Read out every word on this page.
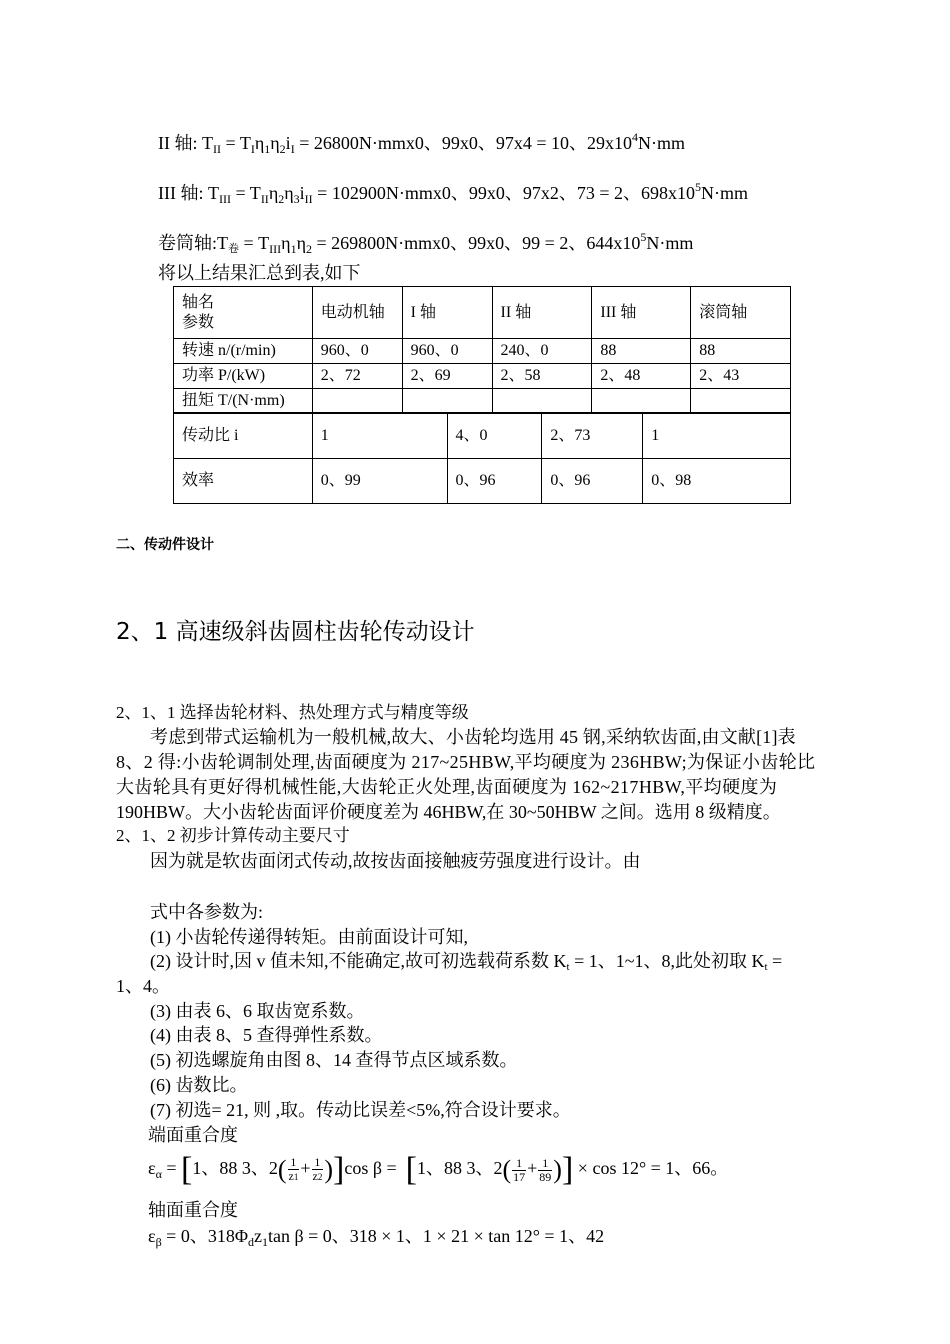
II 轴: $T_{II} = T_I\eta_1\eta_2i_I = 26800N\cdot mmx0$、99x0、97x4 = 10、$29x10^4N\cdot mm$
III 轴: $T_{III} = T_{II}\eta_2\eta_3i_{II} = 102900N\cdot mmx0$、99x0、97x2、73 = 2、$698x10^5N\cdot mm$
卷筒轴:T卷 = $T_{III}\eta_1\eta_2 = 269800N\cdot mmx0$、99x0、99 = 2、$644x10^5N\cdot mm$
将以上结果汇总到表,如下
轴名
参数	电动机轴	I 轴	II 轴	III 轴	滚筒轴
转速 n/(r/min)	960、0	960、0	240、0	88	88
功率 P/(kW)	2、72	2、69	2、58	2、48	2、43
扭矩 T/(N·mm)					
传动比 i	1	4、0	2、73	1
效率	0、99	0、96	0、96	0、98
二、传动件设计
2、1 高速级斜齿圆柱齿轮传动设计
2、1、1 选择齿轮材料、热处理方式与精度等级
考虑到带式运输机为一般机械,故大、小齿轮均选用 45 钢,采纳软齿面,由文献[1]表
8、2 得:小齿轮调制处理,齿面硬度为 217~25HBW,平均硬度为 236HBW;为保证小齿轮比
大齿轮具有更好得机械性能,大齿轮正火处理,齿面硬度为 162~217HBW,平均硬度为
190HBW。大小齿轮齿面评价硬度差为 46HBW,在 30~50HBW 之间。选用 8 级精度。
2、1、2 初步计算传动主要尺寸
因为就是软齿面闭式传动,故按齿面接触疲劳强度进行设计。由
式中各参数为:
(1) 小齿轮传递得转矩。由前面设计可知,
(2) 设计时,因 v 值未知,不能确定,故可初选载荷系数 Kt = 1、1~1、8,此处初取 Kt =
1、4。
(3) 由表 6、6 取齿宽系数。
(4) 由表 8、5 查得弹性系数。
(5) 初选螺旋角由图 8、14 查得节点区域系数。
(6) 齿数比。
(7) 初选= 21, 则 ,取。传动比误差<5%,符合设计要求。
端面重合度
$\varepsilon_\alpha = [1$、88 3、$2( \frac{1}{z1} + \frac{1}{z2} )]\cos$ β =  [1、88 3、$2( \frac{1}{17} + \frac{1}{89}$ )] × cos 12° = 1、66。
轴面重合度
$\varepsilon_\beta = 0$、$318\Phi_dz_1\tan$ β = 0、318 × 1、1 × 21 × tan 12° = 1、42
